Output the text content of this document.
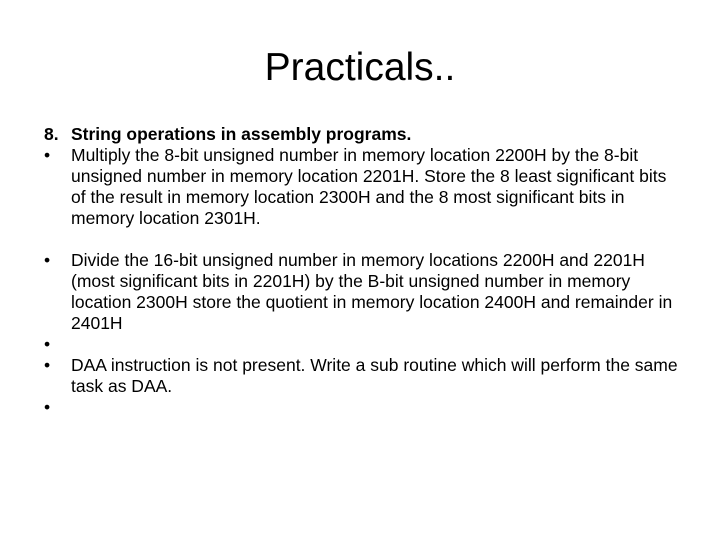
Practicals..
8. String operations in assembly programs.
• Multiply the 8-bit unsigned number in memory location 2200H by the 8-bit unsigned number in memory location 2201H. Store the 8 least significant bits of the result in memory location 2300H and the 8 most significant bits in memory location 2301H.
• Divide the 16-bit unsigned number in memory locations 2200H and 2201H (most significant bits in 2201H) by the B-bit unsigned number in memory location 2300H store the quotient in memory location 2400H and remainder in 2401H
•
• DAA instruction is not present. Write a sub routine which will perform the same task as DAA.
•
